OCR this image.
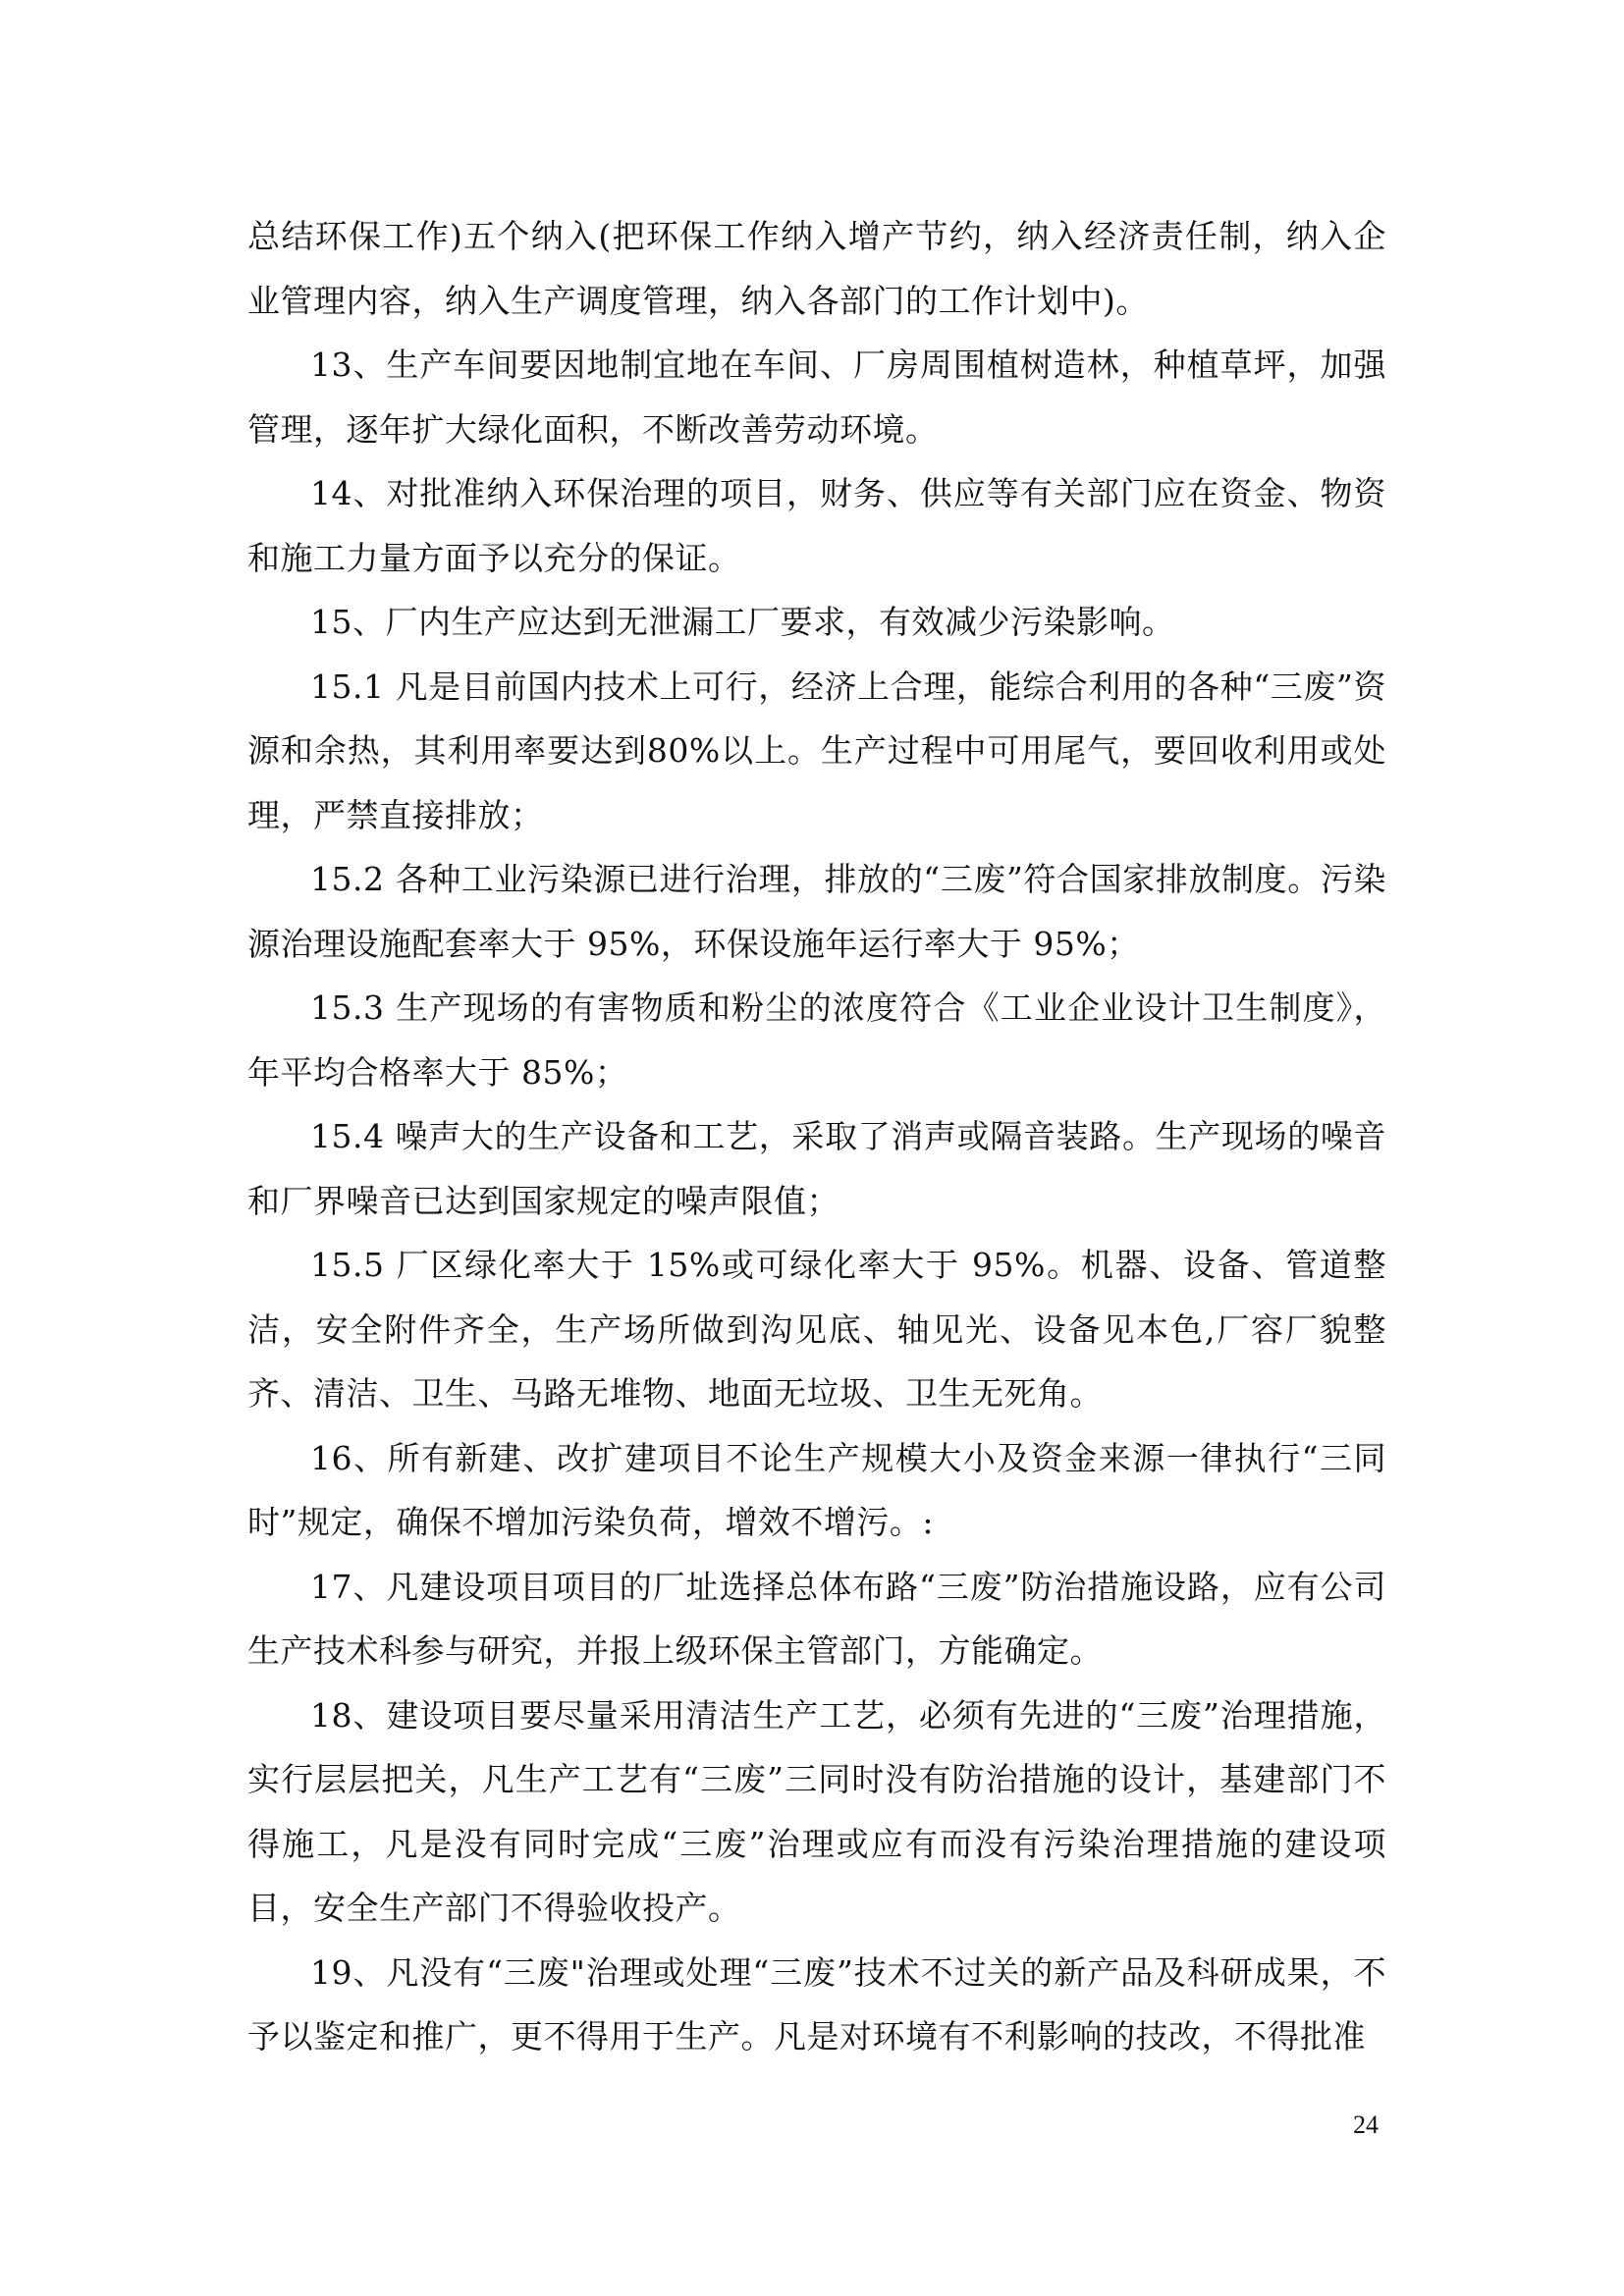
总结环保工作)五个纳入(把环保工作纳入增产节约，纳入经济责任制，纳入企业管理内容，纳入生产调度管理，纳入各部门的工作计划中)。

13、生产车间要因地制宜地在车间、厂房周围植树造林，种植草坪，加强管理，逐年扩大绿化面积，不断改善劳动环境。

14、对批准纳入环保治理的项目，财务、供应等有关部门应在资金、物资和施工力量方面予以充分的保证。

15、厂内生产应达到无泄漏工厂要求，有效减少污染影响。

15.1 凡是目前国内技术上可行，经济上合理，能综合利用的各种“三废”资源和余热，其利用率要达到80%以上。生产过程中可用尾气，要回收利用或处理，严禁直接排放；

15.2 各种工业污染源已进行治理，排放的“三废”符合国家排放制度。污染源治理设施配套率大于 95%，环保设施年运行率大于 95%；

15.3 生产现场的有害物质和粉尘的浓度符合《工业企业设计卫生制度》，年平均合格率大于 85%；

15.4 噪声大的生产设备和工艺，采取了消声或隔音装路。生产现场的噪音和厂界噪音已达到国家规定的噪声限值；

15.5 厂区绿化率大于 15%或可绿化率大于 95%。机器、设备、管道整洁，安全附件齐全，生产场所做到沟见底、轴见光、设备见本色,厂容厂貌整齐、清洁、卫生、马路无堆物、地面无垃圾、卫生无死角。

16、所有新建、改扩建项目不论生产规模大小及资金来源一律执行“三同时”规定，确保不增加污染负荷，增效不增污。:

17、凡建设项目项目的厂址选择总体布路“三废”防治措施设路，应有公司生产技术科参与研究，并报上级环保主管部门，方能确定。

18、建设项目要尽量采用清洁生产工艺，必须有先进的“三废”治理措施，实行层层把关，凡生产工艺有“三废”三同时没有防治措施的设计，基建部门不得施工，凡是没有同时完成“三废”治理或应有而没有污染治理措施的建设项目，安全生产部门不得验收投产。

19、凡没有“三废"治理或处理“三废”技术不过关的新产品及科研成果，不予以鉴定和推广，更不得用于生产。凡是对环境有不利影响的技改，不得批准

24
